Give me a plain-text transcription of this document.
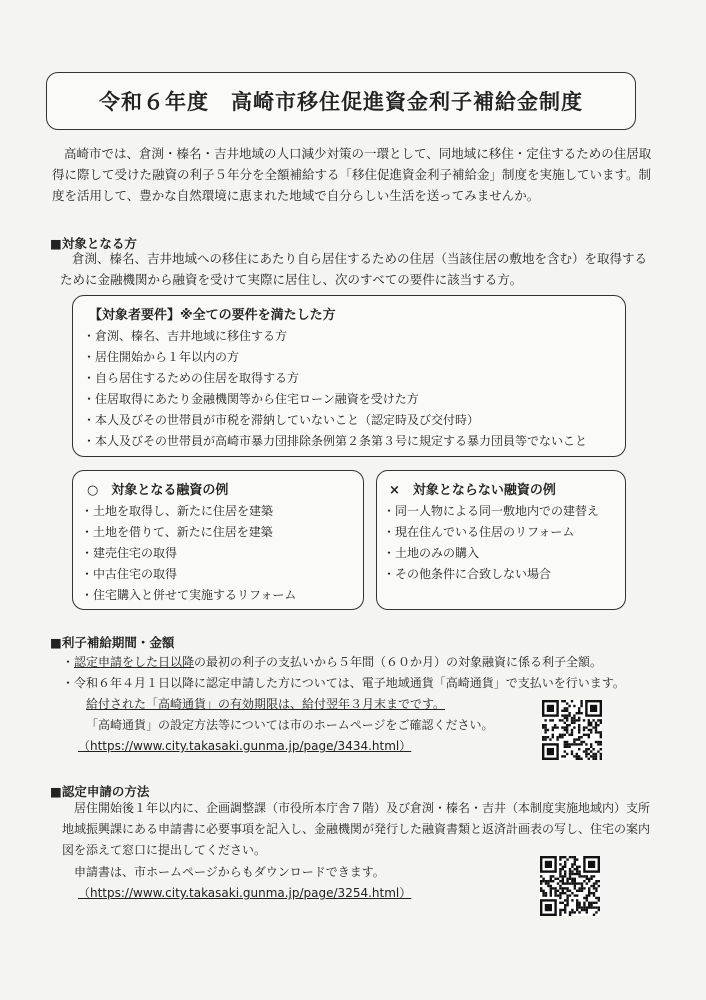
令和６年度　高崎市移住促進資金利子補給金制度
高崎市では、倉渕・榛名・吉井地域の人口減少対策の一環として、同地域に移住・定住するための住居取得に際して受けた融資の利子５年分を全額補給する「移住促進資金利子補給金」制度を実施しています。制度を活用して、豊かな自然環境に恵まれた地域で自分らしい生活を送ってみませんか。
■ 対象となる方
倉渕、榛名、吉井地域への移住にあたり自ら居住するための住居（当該住居の敷地を含む）を取得するために金融機関から融資を受けて実際に居住し、次のすべての要件に該当する方。
【対象者要件】※全ての要件を満たした方
・ 倉渕、榛名、吉井地域に移住する方
・ 居住開始から１年以内の方
・ 自ら居住するための住居を取得する方
・ 住居取得にあたり金融機関等から住宅ローン融資を受けた方
・ 本人及びその世帯員が市税を滞納していないこと（認定時及び交付時）
・ 本人及びその世帯員が高崎市暴力団排除条例第２条第３号に規定する暴力団員等でないこと
○　対象となる融資の例
・ 土地を取得し、新たに住居を建築
・ 土地を借りて、新たに住居を建築
・ 建売住宅の取得
・ 中古住宅の取得
・ 住宅購入と併せて実施するリフォーム
×　対象とならない融資の例
・ 同一人物による同一敷地内での建替え
・ 現在住んでいる住居のリフォーム
・ 土地のみの購入
・ その他条件に合致しない場合
■ 利子補給期間・金額
・認定申請をした日以降の最初の利子の支払いから５年間（６０か月）の対象融資に係る利子全額。
・令和６年４月１日以降に認定申請した方については、電子地域通貨「高崎通貨」で支払いを行います。
給付された「高崎通貨」の有効期限は、給付翌年３月末までです。
「高崎通貨」の設定方法等については市のホームページをご確認ください。
（https://www.city.takasaki.gunma.jp/page/3434.html）
■ 認定申請の方法
居住開始後１年以内に、企画調整課（市役所本庁舎７階）及び倉渕・榛名・吉井（本制度実施地域内）支所地域振興課にある申請書に必要事項を記入し、金融機関が発行した融資書類と返済計画表の写し、住宅の案内図を添えて窓口に提出してください。
申請書は、市ホームページからもダウンロードできます。
（https://www.city.takasaki.gunma.jp/page/3254.html）
